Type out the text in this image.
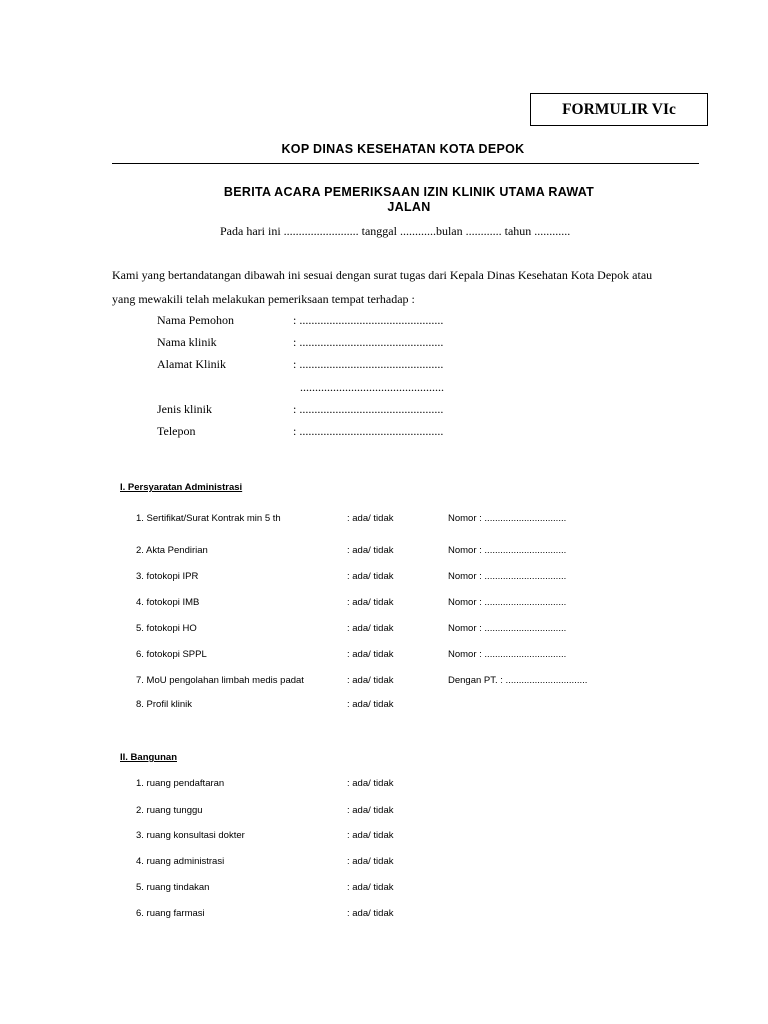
FORMULIR VIc
KOP DINAS KESEHATAN KOTA DEPOK
BERITA ACARA PEMERIKSAAN IZIN KLINIK UTAMA RAWAT
JALAN
Pada hari ini ......................... tanggal ............bulan ............ tahun ............
Kami yang bertandatangan dibawah ini sesuai dengan surat tugas dari Kepala Dinas Kesehatan Kota Depok atau
yang mewakili telah melakukan pemeriksaan tempat terhadap :
Nama Pemohon	: ................................................
Nama klinik	: ................................................
Alamat Klinik	: ................................................
................................................
Jenis klinik	: ................................................
Telepon	: ................................................
I. Persyaratan Administrasi
1. Sertifikat/Surat Kontrak min 5 th	: ada/ tidak	Nomor : ...............................
2. Akta Pendirian	: ada/ tidak	Nomor : ...............................
3. fotokopi IPR	: ada/ tidak	Nomor : ...............................
4. fotokopi IMB	: ada/ tidak	Nomor : ...............................
5. fotokopi HO	: ada/ tidak	Nomor : ...............................
6. fotokopi SPPL	: ada/ tidak	Nomor : ...............................
7. MoU pengolahan limbah medis padat	: ada/ tidak	Dengan PT. : ...............................
8. Profil klinik	: ada/ tidak
II. Bangunan
1. ruang pendaftaran	: ada/ tidak
2. ruang tunggu	: ada/ tidak
3. ruang konsultasi dokter	: ada/ tidak
4. ruang administrasi	: ada/ tidak
5. ruang tindakan	: ada/ tidak
6. ruang farmasi	: ada/ tidak
